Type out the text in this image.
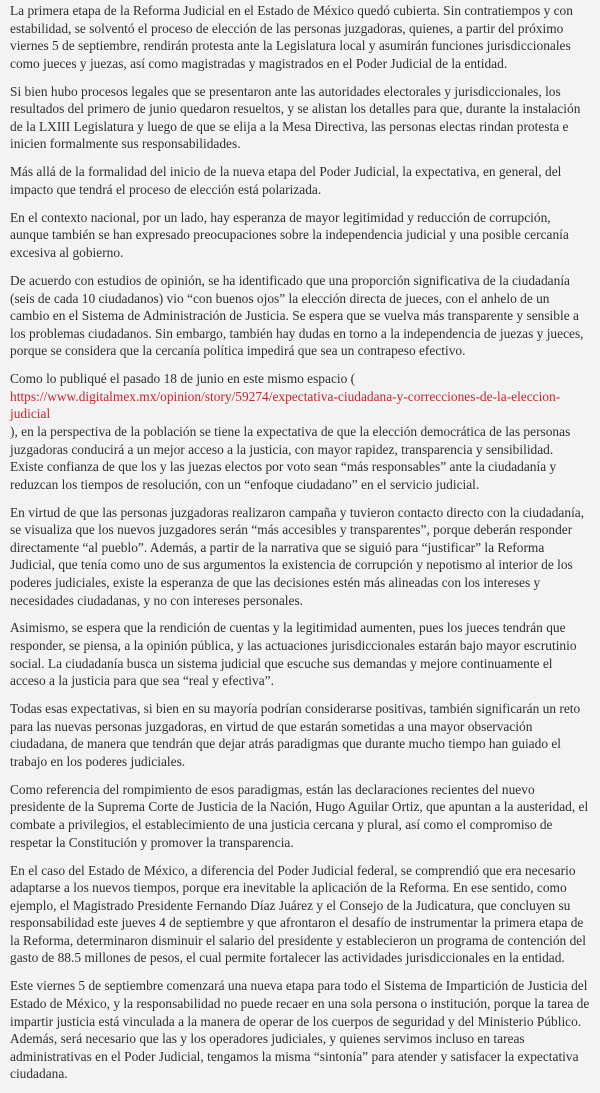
La primera etapa de la Reforma Judicial en el Estado de México quedó cubierta. Sin contratiempos y con estabilidad, se solventó el proceso de elección de las personas juzgadoras, quienes, a partir del próximo viernes 5 de septiembre, rendirán protesta ante la Legislatura local y asumirán funciones jurisdiccionales como jueces y juezas, así como magistradas y magistrados en el Poder Judicial de la entidad.

Si bien hubo procesos legales que se presentaron ante las autoridades electorales y jurisdiccionales, los resultados del primero de junio quedaron resueltos, y se alistan los detalles para que, durante la instalación de la LXIII Legislatura y luego de que se elija a la Mesa Directiva, las personas electas rindan protesta e inicien formalmente sus responsabilidades.

Más allá de la formalidad del inicio de la nueva etapa del Poder Judicial, la expectativa, en general, del impacto que tendrá el proceso de elección está polarizada.

En el contexto nacional, por un lado, hay esperanza de mayor legitimidad y reducción de corrupción, aunque también se han expresado preocupaciones sobre la independencia judicial y una posible cercanía excesiva al gobierno.

De acuerdo con estudios de opinión, se ha identificado que una proporción significativa de la ciudadanía (seis de cada 10 ciudadanos) vio “con buenos ojos” la elección directa de jueces, con el anhelo de un cambio en el Sistema de Administración de Justicia. Se espera que se vuelva más transparente y sensible a los problemas ciudadanos. Sin embargo, también hay dudas en torno a la independencia de juezas y jueces, porque se considera que la cercanía política impedirá que sea un contrapeso efectivo.

Como lo publiqué el pasado 18 de junio en este mismo espacio (
https://www.digitalmex.mx/opinion/story/59274/expectativa-ciudadana-y-correcciones-de-la-eleccion-judicial
), en la perspectiva de la población se tiene la expectativa de que la elección democrática de las personas juzgadoras conducirá a un mejor acceso a la justicia, con mayor rapidez, transparencia y sensibilidad. Existe confianza de que los y las juezas electos por voto sean “más responsables” ante la ciudadanía y reduzcan los tiempos de resolución, con un “enfoque ciudadano” en el servicio judicial.

En virtud de que las personas juzgadoras realizaron campaña y tuvieron contacto directo con la ciudadanía, se visualiza que los nuevos juzgadores serán “más accesibles y transparentes”, porque deberán responder directamente “al pueblo”. Además, a partir de la narrativa que se siguió para “justificar” la Reforma Judicial, que tenía como uno de sus argumentos la existencia de corrupción y nepotismo al interior de los poderes judiciales, existe la esperanza de que las decisiones estén más alineadas con los intereses y necesidades ciudadanas, y no con intereses personales.

Asimismo, se espera que la rendición de cuentas y la legitimidad aumenten, pues los jueces tendrán que responder, se piensa, a la opinión pública, y las actuaciones jurisdiccionales estarán bajo mayor escrutinio social. La ciudadanía busca un sistema judicial que escuche sus demandas y mejore continuamente el acceso a la justicia para que sea “real y efectiva”.

Todas esas expectativas, si bien en su mayoría podrían considerarse positivas, también significarán un reto para las nuevas personas juzgadoras, en virtud de que estarán sometidas a una mayor observación ciudadana, de manera que tendrán que dejar atrás paradigmas que durante mucho tiempo han guiado el trabajo en los poderes judiciales.

Como referencia del rompimiento de esos paradigmas, están las declaraciones recientes del nuevo presidente de la Suprema Corte de Justicia de la Nación, Hugo Aguilar Ortiz, que apuntan a la austeridad, el combate a privilegios, el establecimiento de una justicia cercana y plural, así como el compromiso de respetar la Constitución y promover la transparencia.

En el caso del Estado de México, a diferencia del Poder Judicial federal, se comprendió que era necesario adaptarse a los nuevos tiempos, porque era inevitable la aplicación de la Reforma. En ese sentido, como ejemplo, el Magistrado Presidente Fernando Díaz Juárez y el Consejo de la Judicatura, que concluyen su responsabilidad este jueves 4 de septiembre y que afrontaron el desafío de instrumentar la primera etapa de la Reforma, determinaron disminuir el salario del presidente y establecieron un programa de contención del gasto de 88.5 millones de pesos, el cual permite fortalecer las actividades jurisdiccionales en la entidad.

Este viernes 5 de septiembre comenzará una nueva etapa para todo el Sistema de Impartición de Justicia del Estado de México, y la responsabilidad no puede recaer en una sola persona o institución, porque la tarea de impartir justicia está vinculada a la manera de operar de los cuerpos de seguridad y del Ministerio Público. Además, será necesario que las y los operadores judiciales, y quienes servimos incluso en tareas administrativas en el Poder Judicial, tengamos la misma “sintonía” para atender y satisfacer la expectativa ciudadana.
